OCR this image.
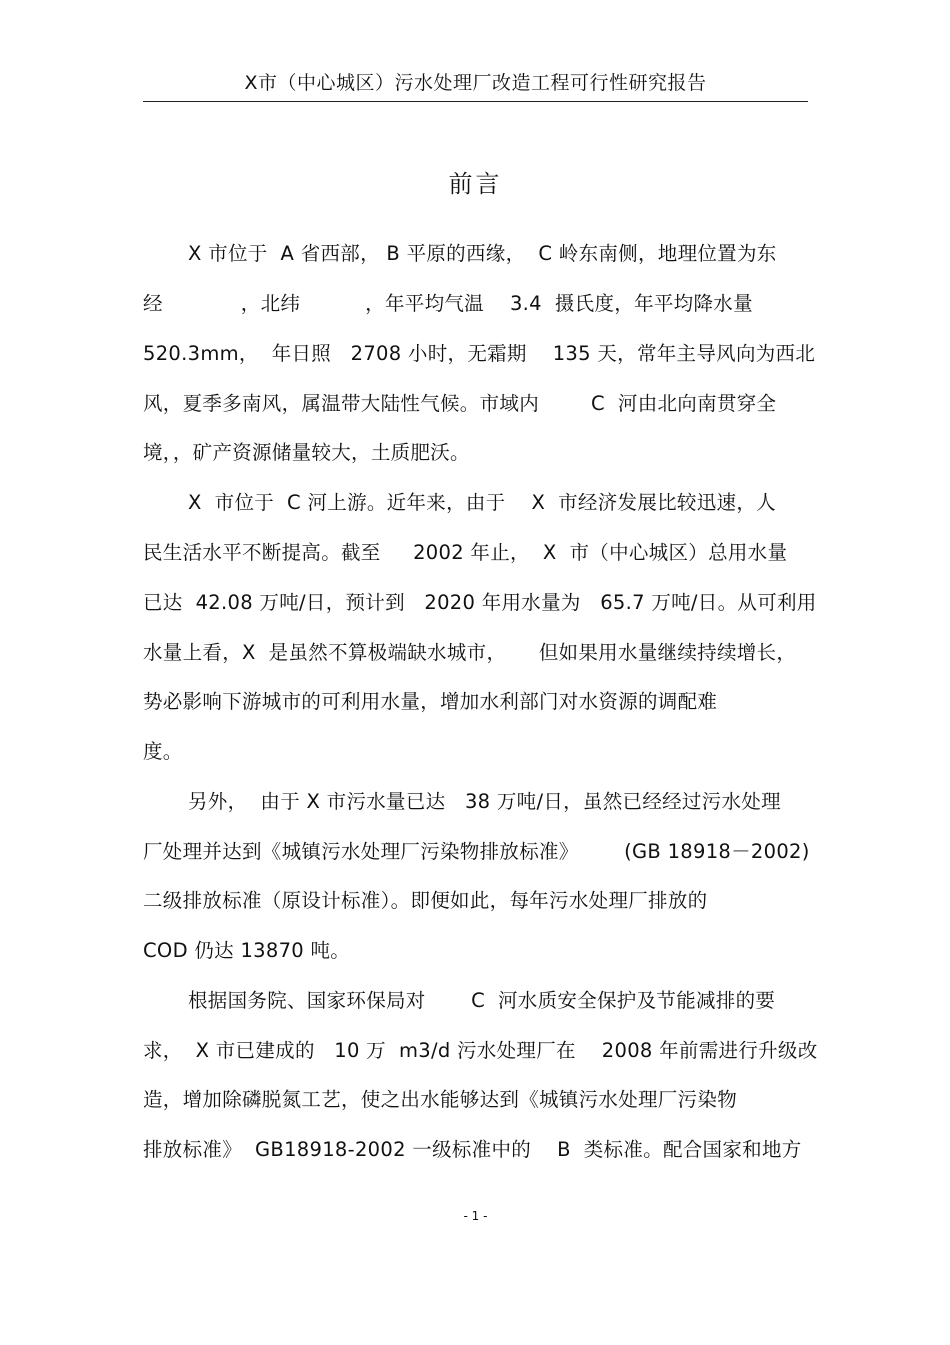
X市（中心城区）污水处理厂改造工程可行性研究报告
前言
X 市位于  A 省西部， B 平原的西缘，  C 岭东南侧，地理位置为东
经            ，北纬          ，年平均气温    3.4  摄氏度，年平均降水量
520.3mm，  年日照   2708 小时，无霜期    135 天，常年主导风向为西北
风，夏季多南风，属温带大陆性气候。市域内        C  河由北向南贯穿全
境，，矿产资源储量较大，土质肥沃。
X  市位于  C 河上游。近年来，由于    X  市经济发展比较迅速，人
民生活水平不断提高。截至     2002 年止，  X  市（中心城区）总用水量
已达  42.08 万吨/日，预计到   2020 年用水量为   65.7 万吨/日。从可利用
水量上看，X  是虽然不算极端缺水城市，     但如果用水量继续持续增长，
势必影响下游城市的可利用水量，增加水利部门对水资源的调配难
度。
另外，  由于 X 市污水量已达   38 万吨/日，虽然已经经过污水处理
厂处理并达到《城镇污水处理厂污染物排放标准》       (GB 18918－2002)
二级排放标准（原设计标准）。即便如此，每年污水处理厂排放的
COD 仍达 13870 吨。
根据国务院、国家环保局对       C  河水质安全保护及节能减排的要
求，  X 市已建成的   10 万  m3/d 污水处理厂在    2008 年前需进行升级改
造，增加除磷脱氮工艺，使之出水能够达到《城镇污水处理厂污染物
排放标准》  GB18918-2002 一级标准中的    B  类标准。配合国家和地方
- 1 -
